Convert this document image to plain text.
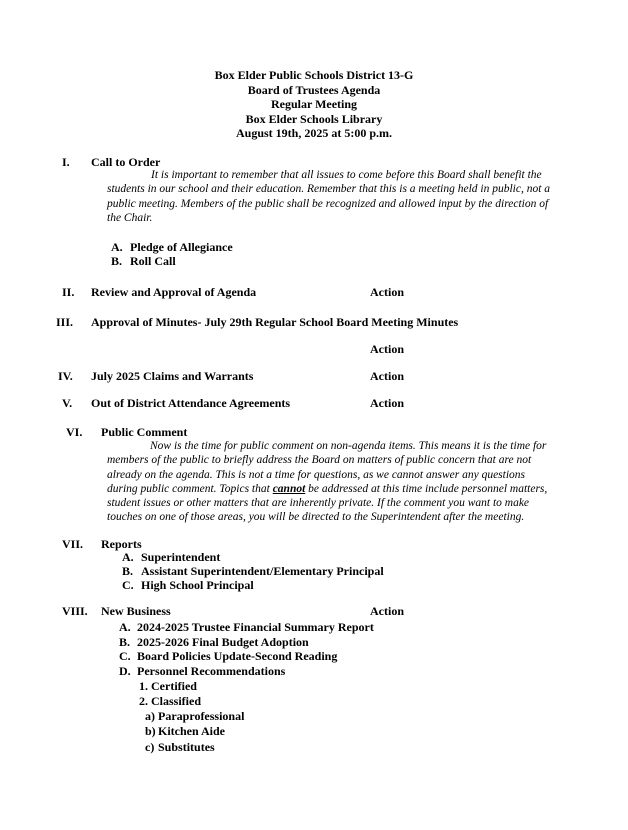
Box Elder Public Schools District 13-G
Board of Trustees Agenda
Regular Meeting
Box Elder Schools Library
August 19th, 2025 at 5:00 p.m.
I. Call to Order
It is important to remember that all issues to come before this Board shall benefit the
students in our school and their education. Remember that this is a meeting held in public, not a
public meeting. Members of the public shall be recognized and allowed input by the direction of
the Chair.
A. Pledge of Allegiance
B. Roll Call
II. Review and Approval of Agenda	Action
III. Approval of Minutes- July 29th Regular School Board Meeting Minutes
Action
IV. July 2025 Claims and Warrants	Action
V. Out of District Attendance Agreements	Action
VI. Public Comment
Now is the time for public comment on non-agenda items. This means it is the time for
members of the public to briefly address the Board on matters of public concern that are not
already on the agenda. This is not a time for questions, as we cannot answer any questions
during public comment. Topics that cannot be addressed at this time include personnel matters,
student issues or other matters that are inherently private. If the comment you want to make
touches on one of those areas, you will be directed to the Superintendent after the meeting.
VII. Reports
A. Superintendent
B. Assistant Superintendent/Elementary Principal
C. High School Principal
VIII. New Business	Action
A. 2024-2025 Trustee Financial Summary Report
B. 2025-2026 Final Budget Adoption
C. Board Policies Update-Second Reading
D. Personnel Recommendations
1. Certified
2. Classified
a) Paraprofessional
b) Kitchen Aide
c) Substitutes
